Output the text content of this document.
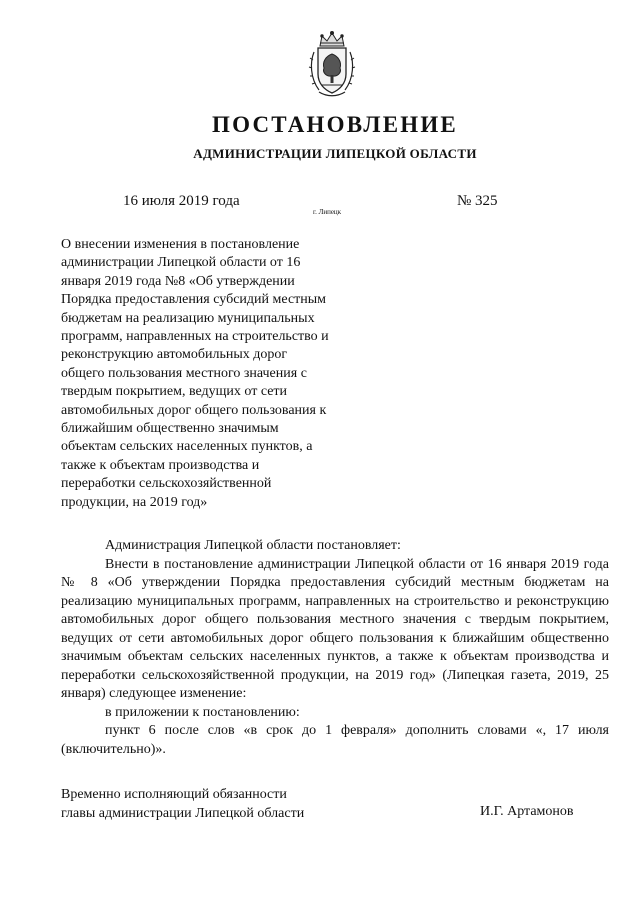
ПОСТАНОВЛЕНИЕ
АДМИНИСТРАЦИИ ЛИПЕЦКОЙ ОБЛАСТИ
16 июля 2019 года
г. Липецк
№ 325
О внесении изменения в постановление
администрации Липецкой области от 16
января 2019 года №8 «Об утверждении
Порядка предоставления субсидий местным
бюджетам на реализацию муниципальных
программ, направленных на строительство и
реконструкцию автомобильных дорог
общего пользования местного значения с
твердым покрытием, ведущих от сети
автомобильных дорог общего пользования к
ближайшим общественно значимым
объектам сельских населенных пунктов, а
также к объектам производства и
переработки сельскохозяйственной
продукции, на 2019 год»

Администрация Липецкой области постановляет:

Внести в постановление администрации Липецкой области от 16 января 2019 года № 8 «Об утверждении Порядка предоставления субсидий местным бюджетам на реализацию муниципальных программ, направленных на строительство и реконструкцию автомобильных дорог общего пользования местного значения с твердым покрытием, ведущих от сети автомобильных дорог общего пользования к ближайшим общественно значимым объектам сельских населенных пунктов, а также к объектам производства и переработки сельскохозяйственной продукции, на 2019 год» (Липецкая газета, 2019, 25 января) следующее изменение:

в приложении к постановлению:

пункт 6 после слов «в срок до 1 февраля» дополнить словами «, 17 июля (включительно)».

Временно исполняющий обязанности
главы администрации Липецкой области	И.Г. Артамонов
